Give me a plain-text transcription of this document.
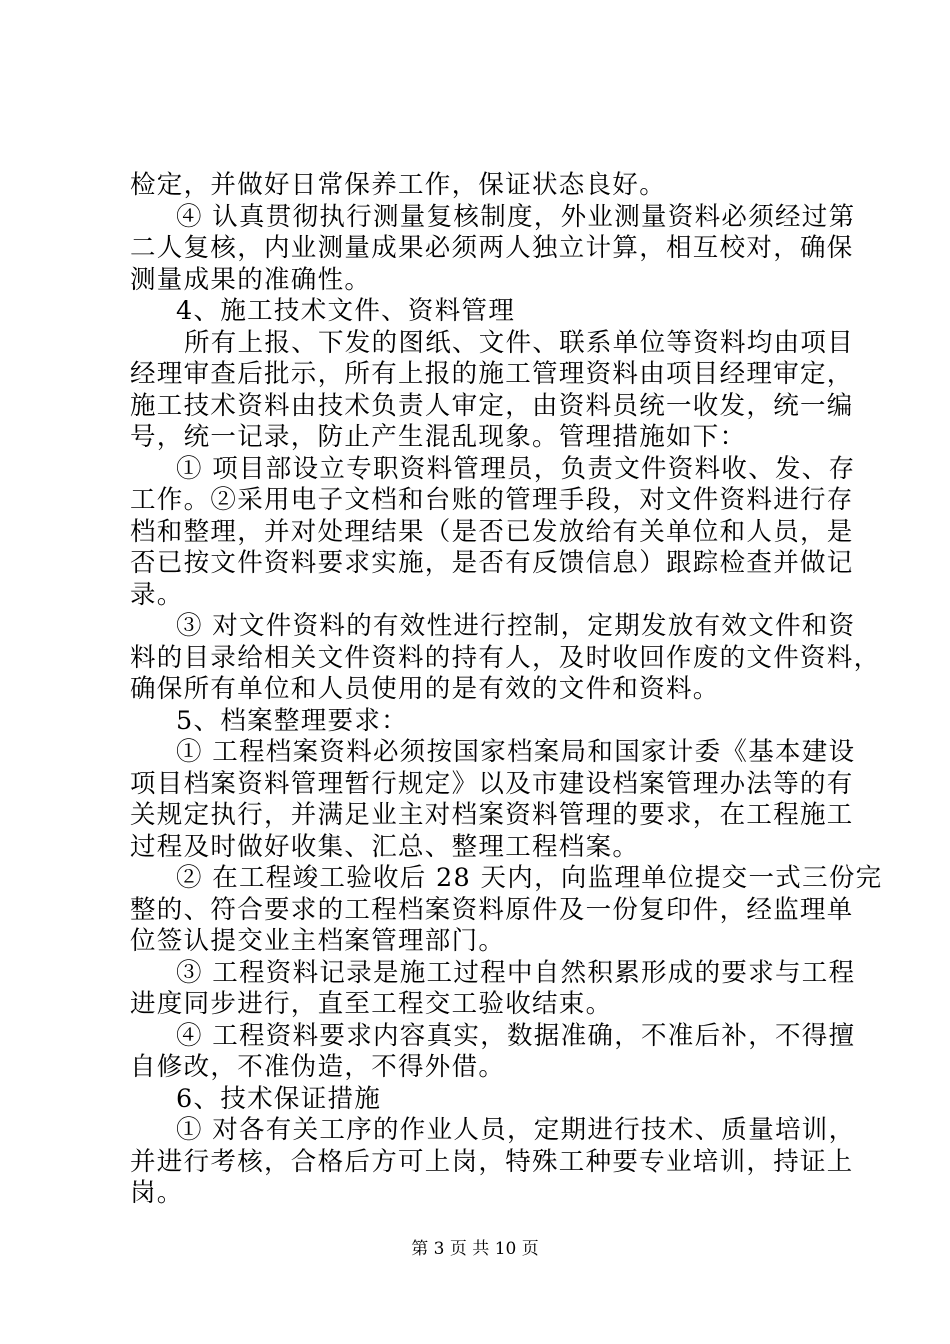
检定，并做好日常保养工作，保证状态良好。
④ 认真贯彻执行测量复核制度，外业测量资料必须经过第
二人复核，内业测量成果必须两人独立计算，相互校对，确保
测量成果的准确性。
4、施工技术文件、资料管理
所有上报、下发的图纸、文件、联系单位等资料均由项目
经理审查后批示，所有上报的施工管理资料由项目经理审定，
施工技术资料由技术负责人审定，由资料员统一收发，统一编
号，统一记录，防止产生混乱现象。管理措施如下：
① 项目部设立专职资料管理员，负责文件资料收、发、存
工作。②采用电子文档和台账的管理手段，对文件资料进行存
档和整理，并对处理结果（是否已发放给有关单位和人员，是
否已按文件资料要求实施，是否有反馈信息）跟踪检查并做记
录。
③ 对文件资料的有效性进行控制，定期发放有效文件和资
料的目录给相关文件资料的持有人，及时收回作废的文件资料，
确保所有单位和人员使用的是有效的文件和资料。
5、档案整理要求：
① 工程档案资料必须按国家档案局和国家计委《基本建设
项目档案资料管理暂行规定》以及市建设档案管理办法等的有
关规定执行，并满足业主对档案资料管理的要求，在工程施工
过程及时做好收集、汇总、整理工程档案。
② 在工程竣工验收后 28 天内，向监理单位提交一式三份完
整的、符合要求的工程档案资料原件及一份复印件，经监理单
位签认提交业主档案管理部门。
③ 工程资料记录是施工过程中自然积累形成的要求与工程
进度同步进行，直至工程交工验收结束。
④ 工程资料要求内容真实，数据准确，不准后补，不得擅
自修改，不准伪造，不得外借。
6、技术保证措施
① 对各有关工序的作业人员，定期进行技术、质量培训，
并进行考核，合格后方可上岗，特殊工种要专业培训，持证上
岗。
第 3 页 共 10 页
